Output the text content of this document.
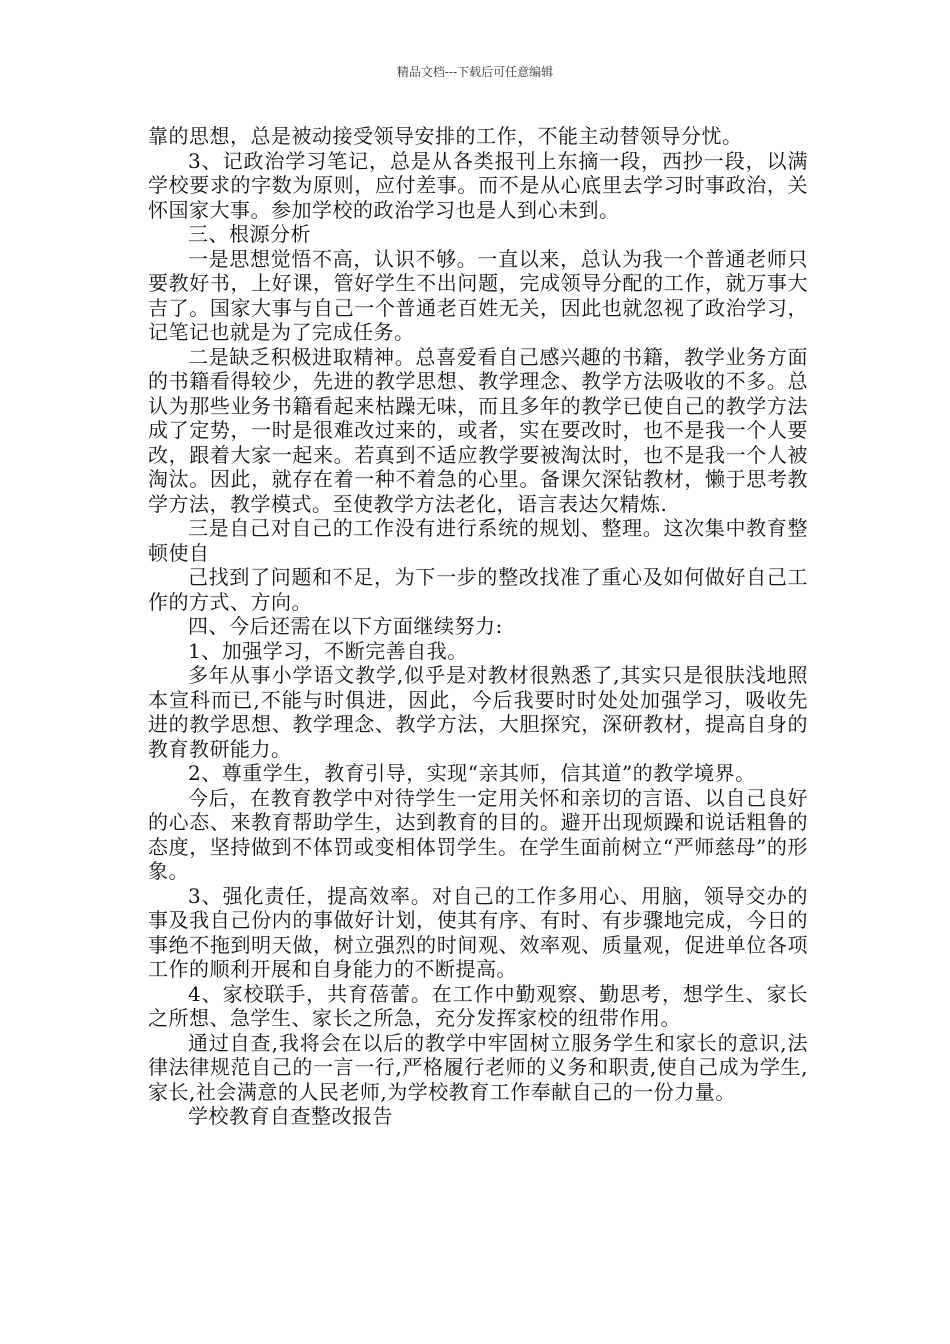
精品文档---下载后可任意编辑

靠的思想，总是被动接受领导安排的工作，不能主动替领导分忧。

3、记政治学习笔记，总是从各类报刊上东摘一段，西抄一段，以满学校要求的字数为原则，应付差事。而不是从心底里去学习时事政治，关怀国家大事。参加学校的政治学习也是人到心未到。

三、根源分析

一是思想觉悟不高，认识不够。一直以来，总认为我一个普通老师只要教好书，上好课，管好学生不出问题，完成领导分配的工作，就万事大吉了。国家大事与自己一个普通老百姓无关，因此也就忽视了政治学习，记笔记也就是为了完成任务。

二是缺乏积极进取精神。总喜爱看自己感兴趣的书籍，教学业务方面的书籍看得较少，先进的教学思想、教学理念、教学方法吸收的不多。总认为那些业务书籍看起来枯躁无味，而且多年的教学已使自己的教学方法成了定势，一时是很难改过来的，或者，实在要改时，也不是我一个人要改，跟着大家一起来。若真到不适应教学要被淘汰时，也不是我一个人被淘汰。因此，就存在着一种不着急的心里。备课欠深钻教材，懒于思考教学方法，教学模式。至使教学方法老化，语言表达欠精炼.

三是自己对自己的工作没有进行系统的规划、整理。这次集中教育整顿使自

己找到了问题和不足，为下一步的整改找准了重心及如何做好自己工作的方式、方向。

四、今后还需在以下方面继续努力:

1、加强学习，不断完善自我。

多年从事小学语文教学,似乎是对教材很熟悉了,其实只是很肤浅地照本宣科而已,不能与时俱进，因此，今后我要时时处处加强学习，吸收先进的教学思想、教学理念、教学方法，大胆探究，深研教材，提高自身的教育教研能力。

2、尊重学生，教育引导，实现“亲其师，信其道”的教学境界。

今后，在教育教学中对待学生一定用关怀和亲切的言语、以自己良好的心态、来教育帮助学生，达到教育的目的。避开出现烦躁和说话粗鲁的态度，坚持做到不体罚或变相体罚学生。在学生面前树立“严师慈母”的形象。

3、强化责任，提高效率。对自己的工作多用心、用脑，领导交办的事及我自己份内的事做好计划，使其有序、有时、有步骤地完成，今日的事绝不拖到明天做，树立强烈的时间观、效率观、质量观，促进单位各项工作的顺利开展和自身能力的不断提高。

4、家校联手，共育蓓蕾。在工作中勤观察、勤思考，想学生、家长之所想、急学生、家长之所急，充分发挥家校的纽带作用。

通过自查,我将会在以后的教学中牢固树立服务学生和家长的意识,法律法律规范自己的一言一行,严格履行老师的义务和职责,使自己成为学生,家长,社会满意的人民老师,为学校教育工作奉献自己的一份力量。

学校教育自查整改报告
